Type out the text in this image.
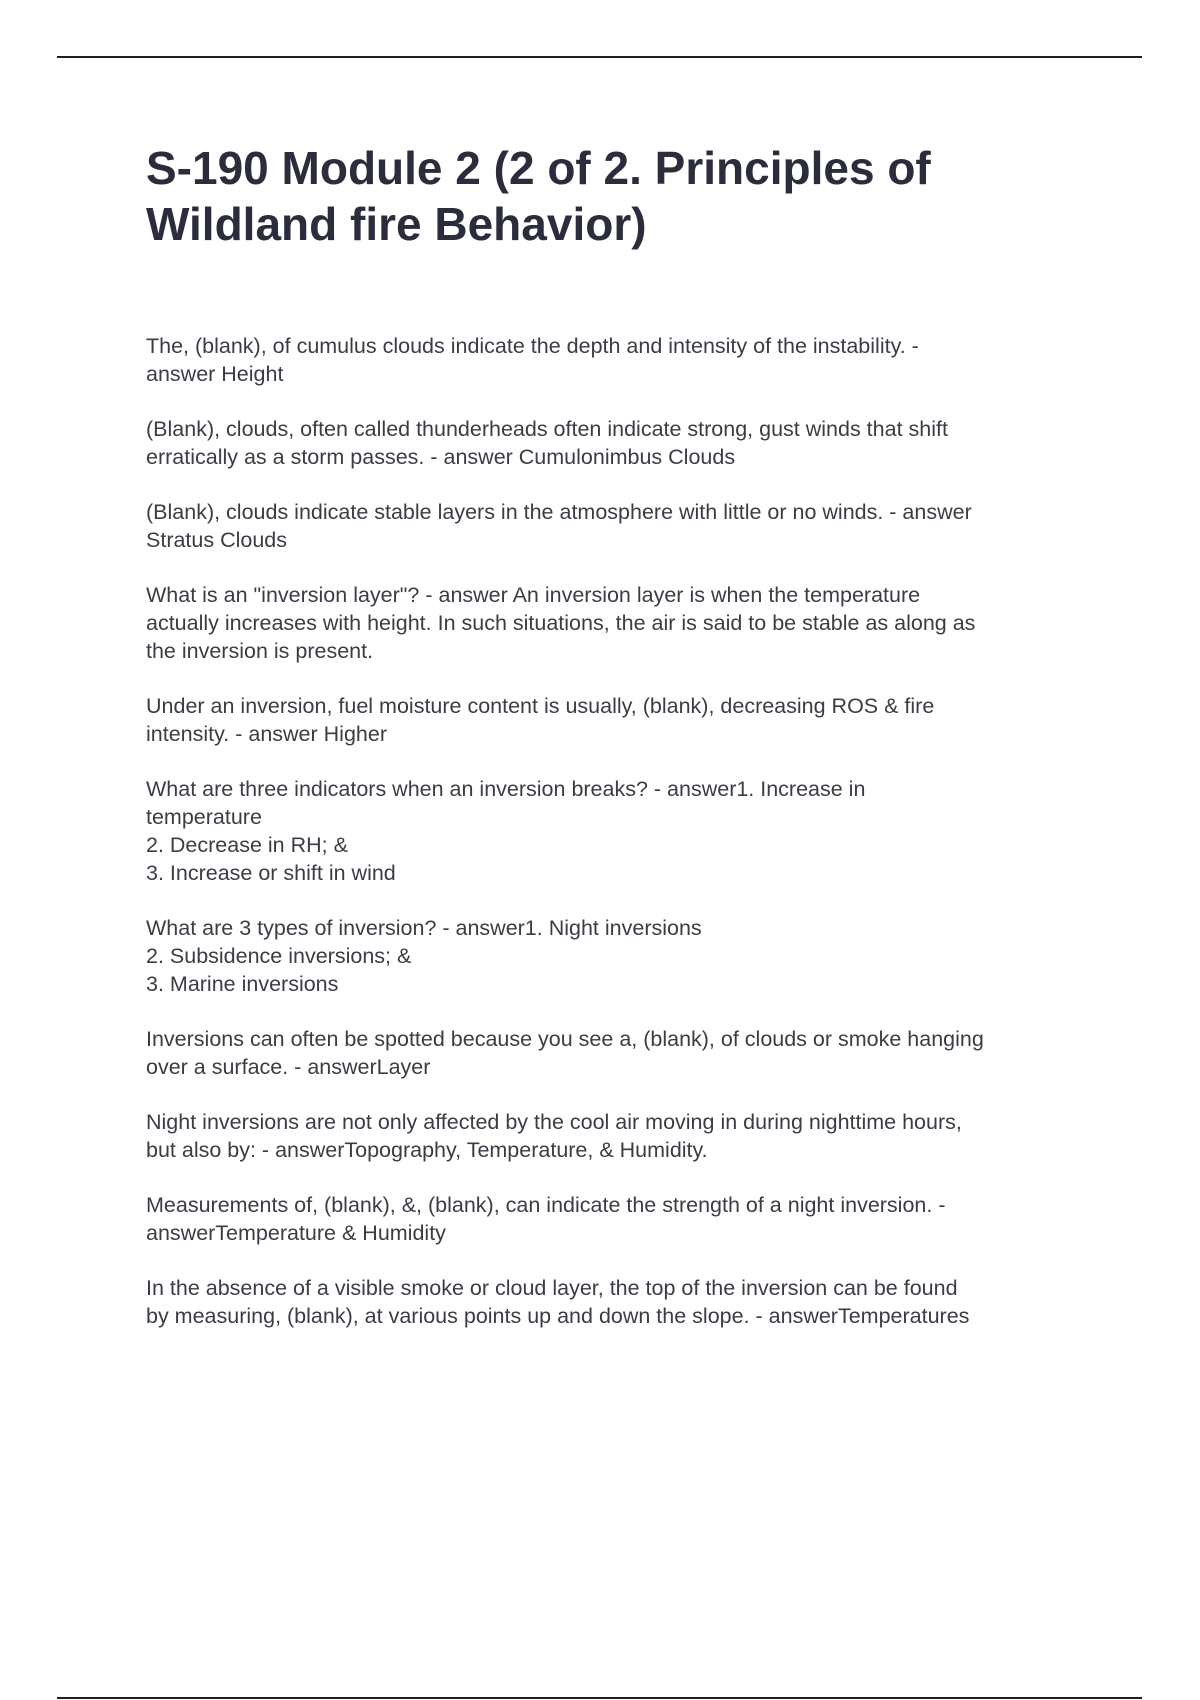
S-190 Module 2 (2 of 2. Principles of
Wildland fire Behavior)

The, (blank), of cumulus clouds indicate the depth and intensity of the instability. -
answer Height

(Blank), clouds, often called thunderheads often indicate strong, gust winds that shift
erratically as a storm passes. - answer Cumulonimbus Clouds

(Blank), clouds indicate stable layers in the atmosphere with little or no winds. - answer
Stratus Clouds

What is an "inversion layer"? - answer An inversion layer is when the temperature
actually increases with height. In such situations, the air is said to be stable as along as
the inversion is present.

Under an inversion, fuel moisture content is usually, (blank), decreasing ROS & fire
intensity. - answer Higher

What are three indicators when an inversion breaks? - answer1. Increase in
temperature
2. Decrease in RH; &
3. Increase or shift in wind

What are 3 types of inversion? - answer1. Night inversions
2. Subsidence inversions; &
3. Marine inversions

Inversions can often be spotted because you see a, (blank), of clouds or smoke hanging
over a surface. - answerLayer

Night inversions are not only affected by the cool air moving in during nighttime hours,
but also by: - answerTopography, Temperature, & Humidity.

Measurements of, (blank), &, (blank), can indicate the strength of a night inversion. -
answerTemperature & Humidity

In the absence of a visible smoke or cloud layer, the top of the inversion can be found
by measuring, (blank), at various points up and down the slope. - answerTemperatures
